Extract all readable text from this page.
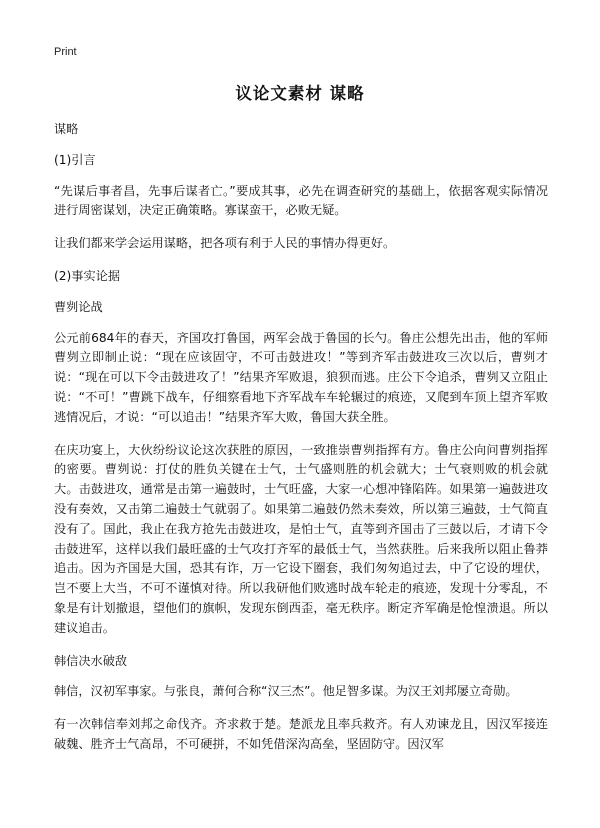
Print
议论文素材 谋略

谋略

(1)引言

“先谋后事者昌，先事后谋者亡。”要成其事，必先在调查研究的基础上，依据客观实际情况进行周密谋划，决定正确策略。寡谋蛮干，必败无疑。

让我们都来学会运用谋略，把各项有利于人民的事情办得更好。

(2)事实论据

曹刿论战

公元前684年的春天，齐国攻打鲁国，两军会战于鲁国的长勺。鲁庄公想先出击，他的军师曹刿立即制止说：“现在应该固守，不可击鼓进攻！”等到齐军击鼓进攻三次以后，曹刿才说：“现在可以下令击鼓进攻了！”结果齐军败退，狼狈而逃。庄公下令追杀，曹刿又立阻止说：“不可！”曹跳下战车，仔细察看地下齐军战车车轮辗过的痕迹，又爬到车顶上望齐军败逃情况后，才说：“可以追击！”结果齐军大败，鲁国大获全胜。

在庆功宴上，大伙纷纷议论这次获胜的原因，一致推崇曹刿指挥有方。鲁庄公向问曹刿指挥的密要。曹刿说：打仗的胜负关键在士气，士气盛则胜的机会就大；士气衰则败的机会就大。击鼓进攻，通常是击第一遍鼓时，士气旺盛，大家一心想冲锋陷阵。如果第一遍鼓进攻没有奏效，又击第二遍鼓士气就弱了。如果第二遍鼓仍然未奏效，所以第三遍鼓，士气简直没有了。国此，我止在我方抢先击鼓进攻，是怕士气，直等到齐国击了三鼓以后，才请下令击鼓进军，这样以我们最旺盛的士气攻打齐军的最低士气，当然获胜。后来我所以阻止鲁莽追击。因为齐国是大国，恐其有诈，万一它设下圈套，我们匆匆追过去，中了它设的埋伏，岂不要上大当，不可不谨慎对待。所以我研他们败逃时战车轮走的痕迹，发现十分零乱，不象是有计划撤退，望他们的旗帜，发现东倒西歪，毫无秩序。断定齐军确是怆惶溃退。所以建议追击。

韩信决水破敌

韩信，汉初军事家。与张良，萧何合称“汉三杰”。他足智多谋。为汉王刘邦屡立奇勋。

有一次韩信奉刘邦之命伐齐。齐求救于楚。楚派龙且率兵救齐。有人劝谏龙且，因汉军接连破魏、胜齐士气高昂，不可硬拼，不如凭借深沟高垒，坚固防守。因汉军
